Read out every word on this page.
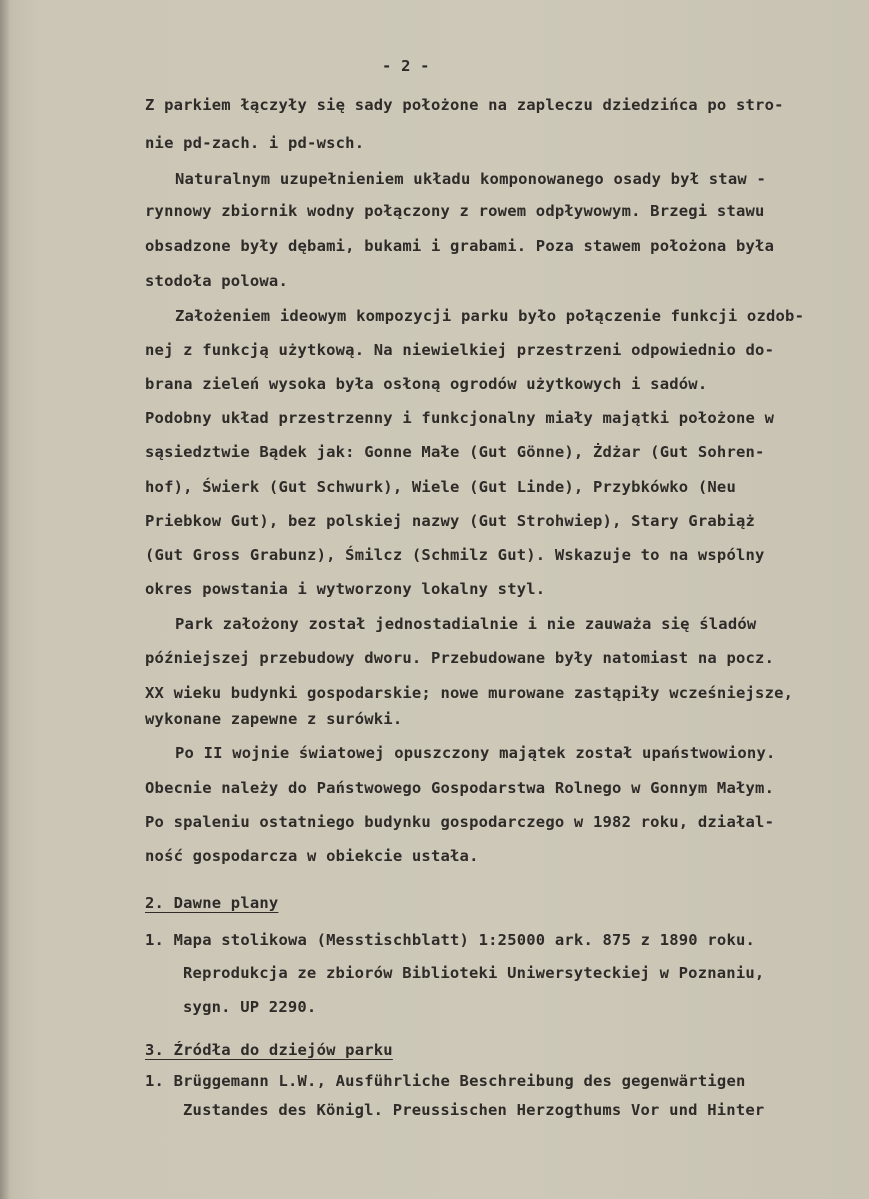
- 2 -
Z parkiem łączyły się sady położone na zapleczu dziedzińca po stro-
nie pd-zach. i pd-wsch.
Naturalnym uzupełnieniem układu komponowanego osady był staw -
rynnowy zbiornik wodny połączony z rowem odpływowym. Brzegi stawu
obsadzone były dębami, bukami i grabami. Poza stawem położona była
stodoła polowa.
Założeniem ideowym kompozycji parku było połączenie funkcji ozdob-
nej z funkcją użytkową. Na niewielkiej przestrzeni odpowiednio do-
brana zieleń wysoka była osłoną ogrodów użytkowych i sadów.
Podobny układ przestrzenny i funkcjonalny miały majątki położone w
sąsiedztwie Bądek jak: Gonne Małe (Gut Gönne), Żdżar (Gut Sohren-
hof), Świerk (Gut Schwurk), Wiele (Gut Linde), Przybkówko (Neu
Priebkow Gut), bez polskiej nazwy (Gut Strohwiep), Stary Grabiąż
(Gut Gross Grabunz), Śmilcz (Schmilz Gut). Wskazuje to na wspólny
okres powstania i wytworzony lokalny styl.
Park założony został jednostadialnie i nie zauważa się śladów
późniejszej przebudowy dworu. Przebudowane były natomiast na pocz.
XX wieku budynki gospodarskie; nowe murowane zastąpiły wcześniejsze,
wykonane zapewne z surówki.
Po II wojnie światowej opuszczony majątek został upaństwowiony.
Obecnie należy do Państwowego Gospodarstwa Rolnego w Gonnym Małym.
Po spaleniu ostatniego budynku gospodarczego w 1982 roku, działal-
ność gospodarcza w obiekcie ustała.
2. Dawne plany
1. Mapa stolikowa (Messtischblatt) 1:25000 ark. 875 z 1890 roku.
Reprodukcja ze zbiorów Biblioteki Uniwersyteckiej w Poznaniu,
sygn. UP 2290.
3. Źródła do dziejów parku
1. Brüggemann L.W., Ausführliche Beschreibung des gegenwärtigen
Zustandes des Königl. Preussischen Herzogthums Vor und Hinter
